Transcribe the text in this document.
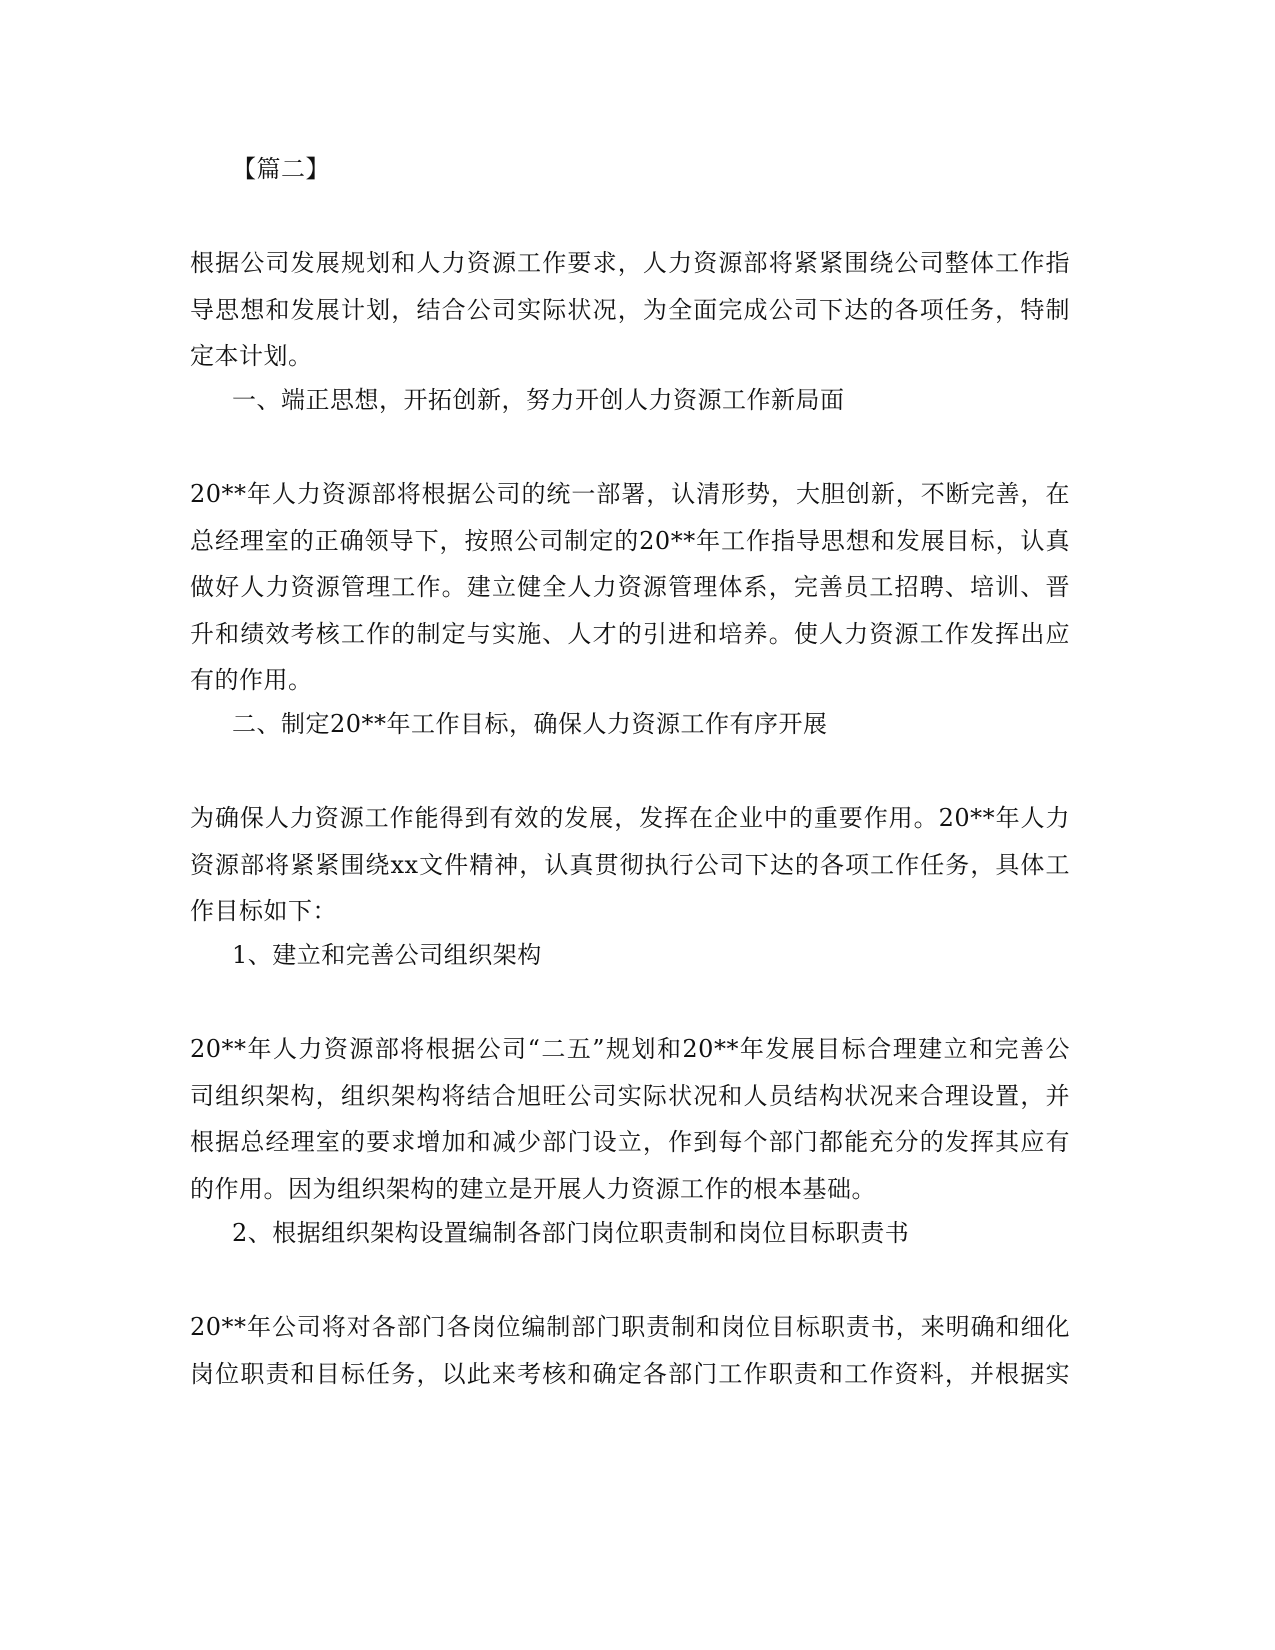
【篇二】
根据公司发展规划和人力资源工作要求，人力资源部将紧紧围绕公司整体工作指
导思想和发展计划，结合公司实际状况，为全面完成公司下达的各项任务，特制
定本计划。
一、端正思想，开拓创新，努力开创人力资源工作新局面
20**年人力资源部将根据公司的统一部署，认清形势，大胆创新，不断完善，在
总经理室的正确领导下，按照公司制定的20**年工作指导思想和发展目标，认真
做好人力资源管理工作。建立健全人力资源管理体系，完善员工招聘、培训、晋
升和绩效考核工作的制定与实施、人才的引进和培养。使人力资源工作发挥出应
有的作用。
二、制定20**年工作目标，确保人力资源工作有序开展
为确保人力资源工作能得到有效的发展，发挥在企业中的重要作用。20**年人力
资源部将紧紧围绕xx文件精神，认真贯彻执行公司下达的各项工作任务，具体工
作目标如下：
1、建立和完善公司组织架构
20**年人力资源部将根据公司“二五”规划和20**年发展目标合理建立和完善公
司组织架构，组织架构将结合旭旺公司实际状况和人员结构状况来合理设置，并
根据总经理室的要求增加和减少部门设立，作到每个部门都能充分的发挥其应有
的作用。因为组织架构的建立是开展人力资源工作的根本基础。
2、根据组织架构设置编制各部门岗位职责制和岗位目标职责书
20**年公司将对各部门各岗位编制部门职责制和岗位目标职责书，来明确和细化
岗位职责和目标任务，以此来考核和确定各部门工作职责和工作资料，并根据实
